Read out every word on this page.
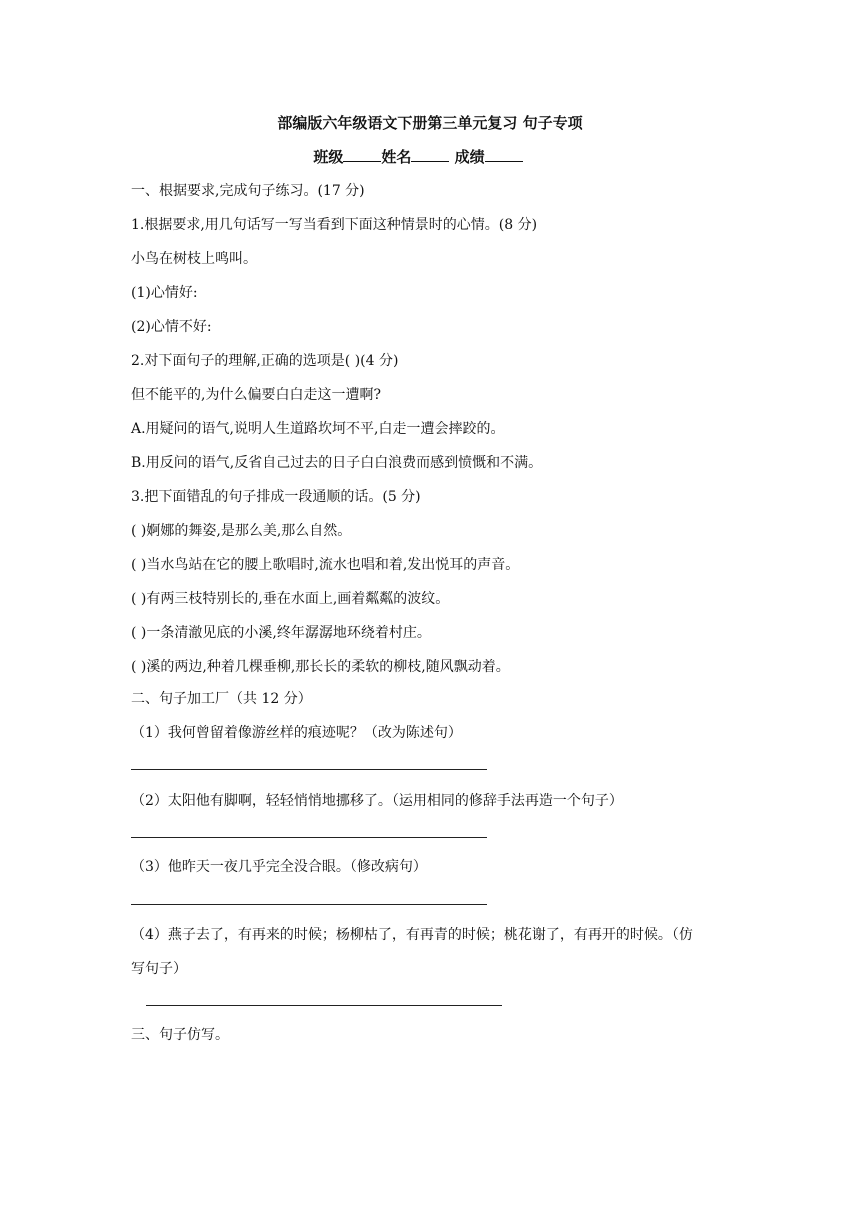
部编版六年级语文下册第三单元复习 句子专项
班级	姓名	成绩
一、根据要求,完成句子练习。(17 分)
1.根据要求,用几句话写一写当看到下面这种情景时的心情。(8 分)
小鸟在树枝上鸣叫。
(1)心情好:
(2)心情不好:
2.对下面句子的理解,正确的选项是( )(4 分)
但不能平的,为什么偏要白白走这一遭啊?
A.用疑问的语气,说明人生道路坎坷不平,白走一遭会摔跤的。
B.用反问的语气,反省自己过去的日子白白浪费而感到愤慨和不满。
3.把下面错乱的句子排成一段通顺的话。(5 分)
( )婀娜的舞姿,是那么美,那么自然。
( )当水鸟站在它的腰上歌唱时,流水也唱和着,发出悦耳的声音。
( )有两三枝特别长的,垂在水面上,画着粼粼的波纹。
( )一条清澈见底的小溪,终年潺潺地环绕着村庄。
( )溪的两边,种着几棵垂柳,那长长的柔软的柳枝,随风飘动着。
二、句子加工厂（共 12 分）
（1）我何曾留着像游丝样的痕迹呢？（改为陈述句）
（2）太阳他有脚啊，轻轻悄悄地挪移了。（运用相同的修辞手法再造一个句子）
（3）他昨天一夜几乎完全没合眼。（修改病句）
（4）燕子去了，有再来的时候；杨柳枯了，有再青的时候；桃花谢了，有再开的时候。（仿
写句子）
三、句子仿写。
